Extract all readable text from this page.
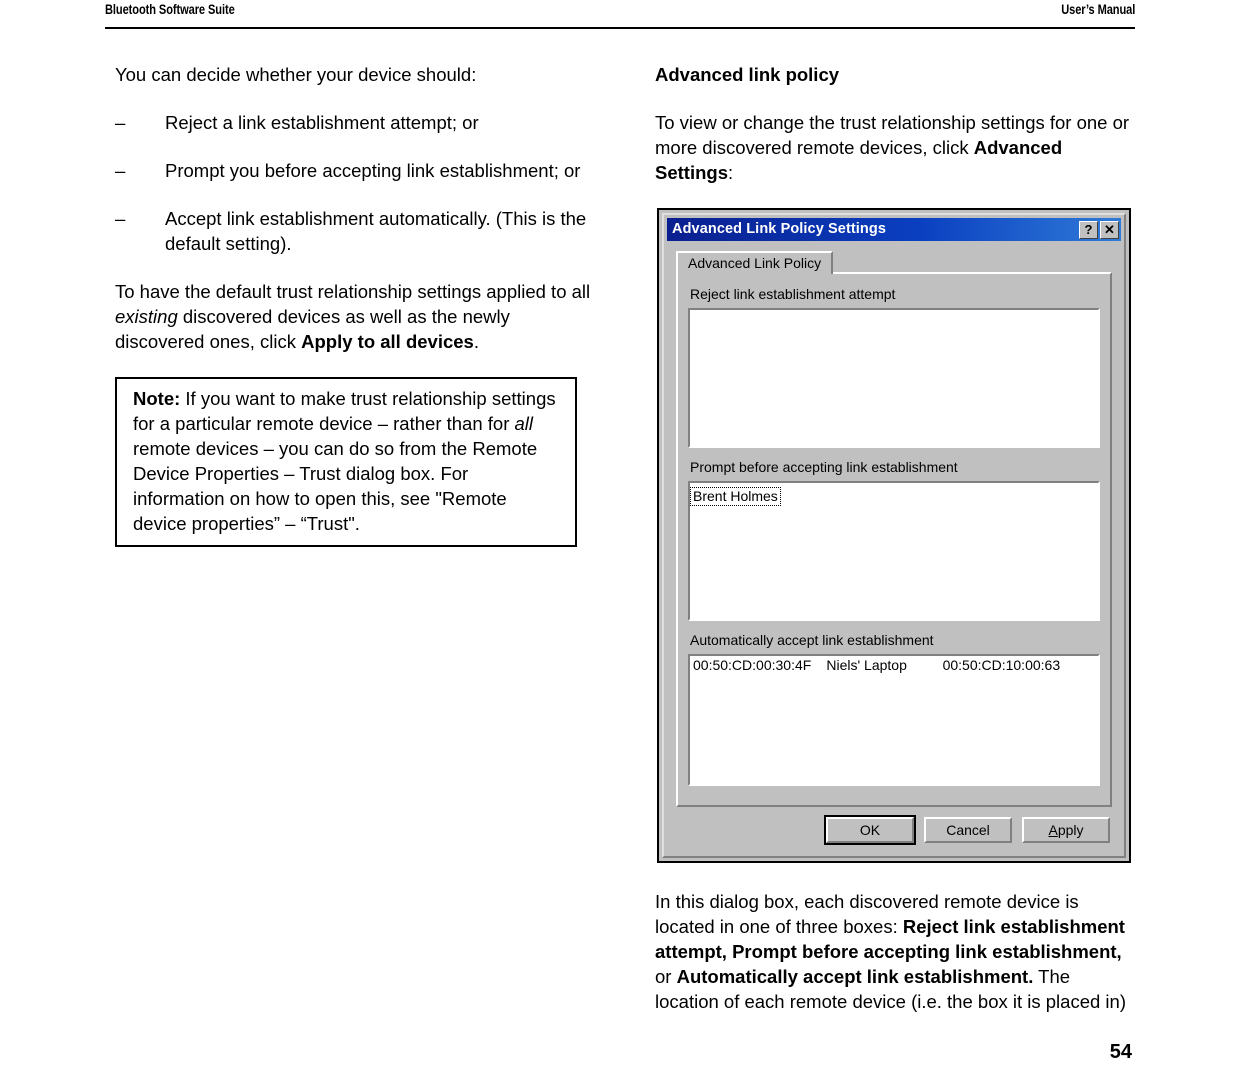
Bluetooth Software Suite	User’s Manual

You can decide whether your device should:

– Reject a link establishment attempt; or
– Prompt you before accepting link establishment; or
– Accept link establishment automatically. (This is the default setting).

To have the default trust relationship settings applied to all existing discovered devices as well as the newly discovered ones, click Apply to all devices.

Note: If you want to make trust relationship settings for a particular remote device – rather than for all remote devices – you can do so from the Remote Device Properties – Trust dialog box. For information on how to open this, see "Remote device properties” – “Trust".
Advanced link policy

To view or change the trust relationship settings for one or more discovered remote devices, click Advanced Settings:

Advanced Link Policy Settings	? ✕
Advanced Link Policy
Reject link establishment attempt
Prompt before accepting link establishment
Brent Holmes
Automatically accept link establishment
00:50:CD:00:30:4F	Niels' Laptop	00:50:CD:10:00:63
OK	Cancel	A pply

In this dialog box, each discovered remote device is located in one of three boxes: Reject link establishment attempt, Prompt before accepting link establishment, or Automatically accept link establishment. The location of each remote device (i.e. the box it is placed in)

54
